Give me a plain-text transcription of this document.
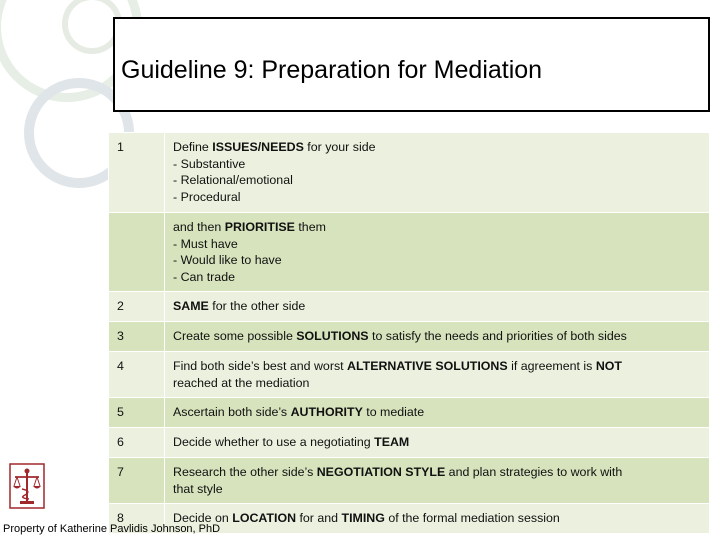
Guideline 9: Preparation for Mediation
1	Define ISSUES/NEEDS for your side
- Substantive
- Relational/emotional
- Procedural

	and then PRIORITISE them
- Must have
- Would like to have
- Can trade

2	SAME for the other side

3	Create some possible SOLUTIONS to satisfy the needs and priorities of both sides

4	Find both side’s best and worst ALTERNATIVE SOLUTIONS if agreement is NOT
reached at the mediation

5	Ascertain both side’s AUTHORITY to mediate

6	Decide whether to use a negotiating TEAM

7	Research the other side’s NEGOTIATION STYLE and plan strategies to work with
that style

8	Decide on LOCATION for and TIMING of the formal mediation session
Property of Katherine Pavlidis Johnson, PhD
